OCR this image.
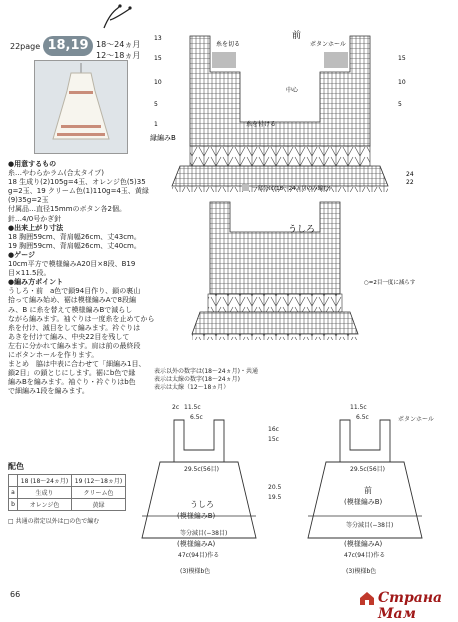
22page 18,19 18〜24ヵ月
12〜18ヵ月
●用意するもの
糸…やわらかラム(合太タイプ)
18 生成り(2)105g=4玉、オレンジ色(5)35
g=2玉、19 クリーム色(1)110g=4玉、黄緑
(9)35g=2玉
付属品…直径15mmのボタン各2個。
針…4/0号かぎ針
●出来上がり寸法
18 胸囲59cm、背肩幅26cm、丈43cm。
19 胸囲59cm、背肩幅26cm、丈40cm。
●ゲージ
10cm平方で模様編みA20目×8段、B19
目×11.5段。
●編み方ポイント
うしろ・前　a色で鎖94目作り、鎖の裏山
拾って編み始め、裾は模様編みAで8段編
み、B に糸を替えて模様編みBで減らし
ながら編みます。袖ぐりは一度糸を止めてから
糸を付け、減目をして編みます。衿ぐりは
あきを付けて編み、中央22目を残して
左右に分かれて編みます。肩は前の最終段
にボタンホールを作ります。
まとめ　脇は中表に合わせて「細編み1目、
鎖2目」の鎖とじにします。裾にb色で縁
編みBを編みます。袖ぐり・衿ぐりはb色
で細編み1段を編みます。
配色
	18 (18〜24ヵ月)	19 (12〜18ヵ月)
a	生成り	クリーム色
b	オレンジ色	黄緑
□ 共通の指定以外は□の色で編む
前
うしろ
ボタンホール
糸を切る
糸を付ける
中心
縁編みB
一部分は(18〜24ヵ月のみ編む)
○=2目一度に減らす
13
15
10
5
1
15
10
5
24
22
表示以外の数字は(18〜24ヵ月)・共通
表示は太線の数字(18〜24ヵ月)
表示は太線（12〜18ヵ月）
うしろ
(模様編みB)
等分減目(−38目)
(模様編みA)
47c(94目)作る
(3)模様b色
29.5c(56目)
11.5c
6.5c
2c
前
(模様編みB)
等分減目(−38目)
(模様編みA)
47c(94目)作る
(3)模様b色
29.5c(56目)
11.5c
6.5c	ボタンホール
20.5
19.5
16c
15c
66	Страна Мам
